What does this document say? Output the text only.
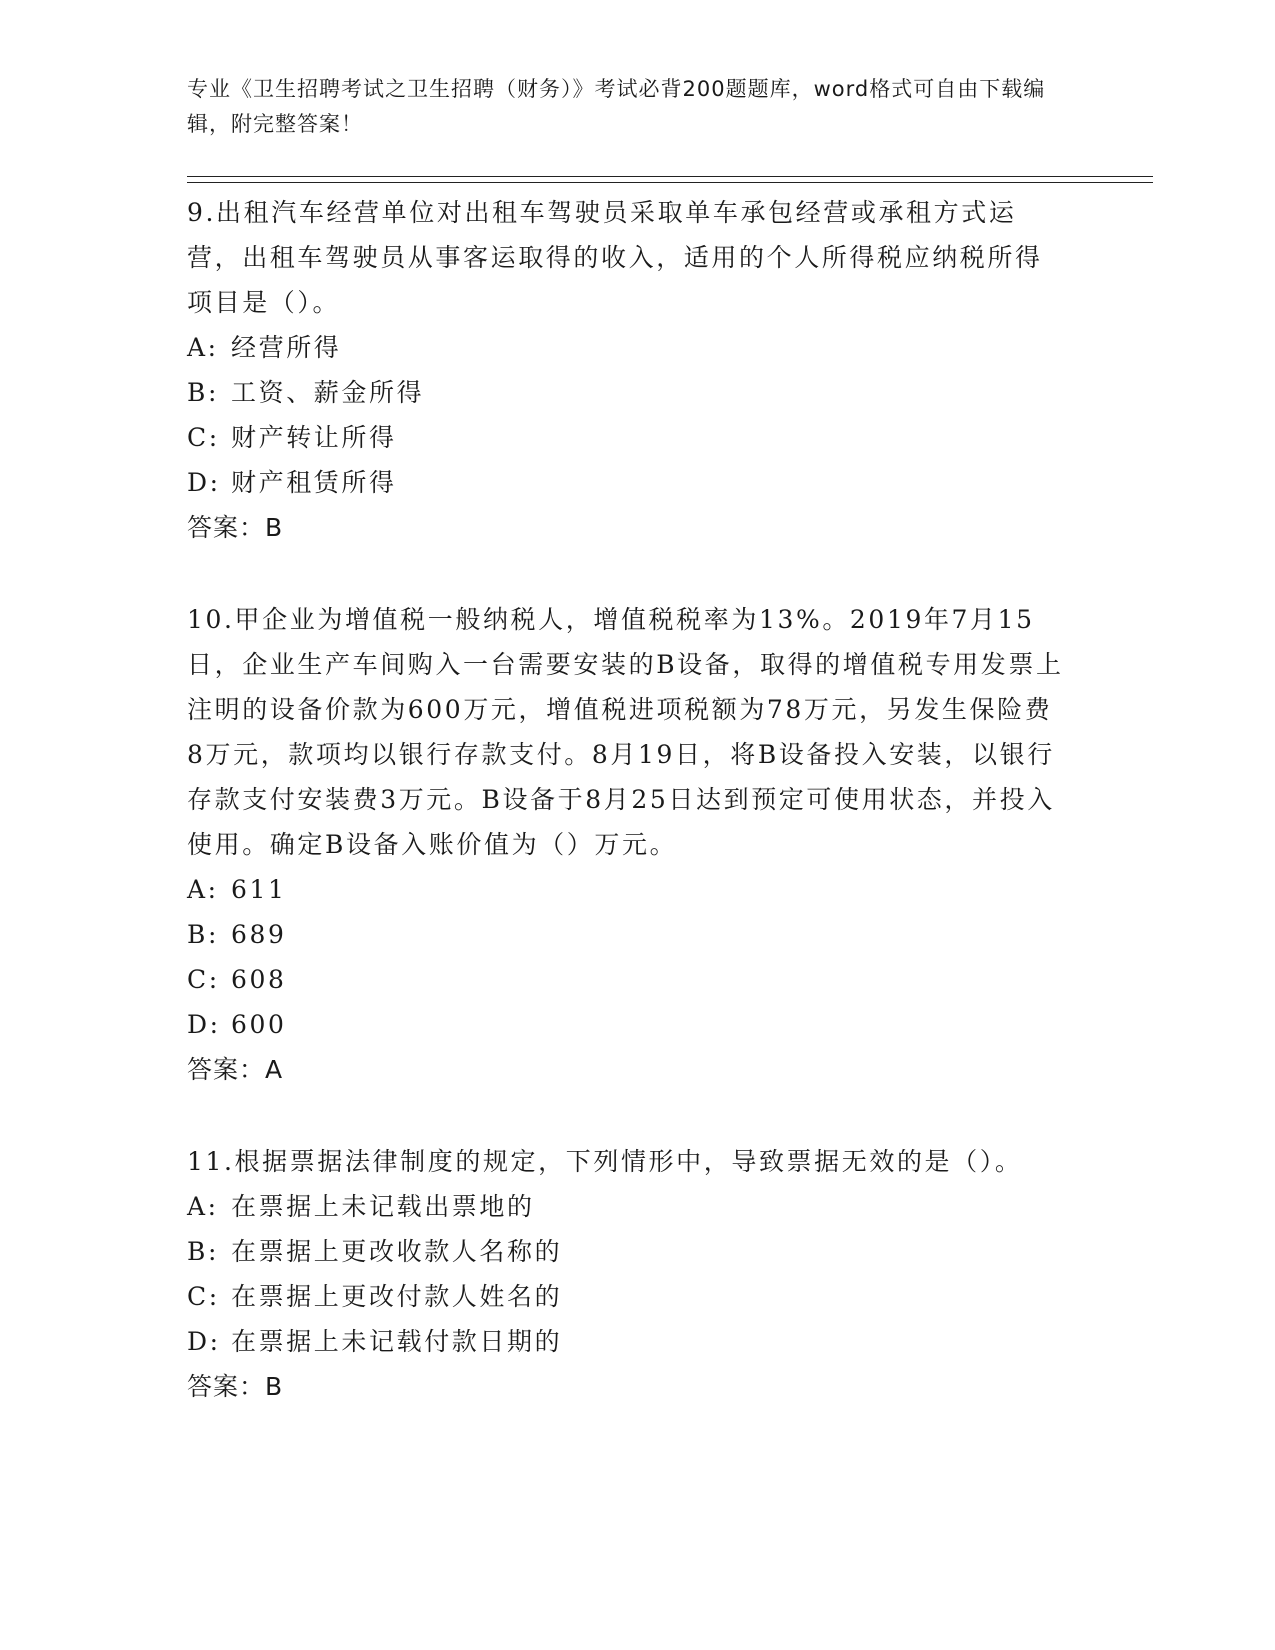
专业《卫生招聘考试之卫生招聘（财务）》考试必背200题题库，word格式可自由下载编辑，附完整答案！

9.出租汽车经营单位对出租车驾驶员采取单车承包经营或承租方式运营，出租车驾驶员从事客运取得的收入，适用的个人所得税应纳税所得项目是（）。

A: 经营所得

B: 工资、薪金所得

C: 财产转让所得

D: 财产租赁所得

答案：B

10.甲企业为增值税一般纳税人，增值税税率为13%。2019年7月15日，企业生产车间购入一台需要安装的B设备，取得的增值税专用发票上注明的设备价款为600万元，增值税进项税额为78万元，另发生保险费8万元，款项均以银行存款支付。8月19日，将B设备投入安装，以银行存款支付安装费3万元。B设备于8月25日达到预定可使用状态，并投入使用。确定B设备入账价值为（）万元。

A: 611

B: 689

C: 608

D: 600

答案：A

11.根据票据法律制度的规定，下列情形中，导致票据无效的是（）。

A: 在票据上未记载出票地的

B: 在票据上更改收款人名称的

C: 在票据上更改付款人姓名的

D: 在票据上未记载付款日期的

答案：B
